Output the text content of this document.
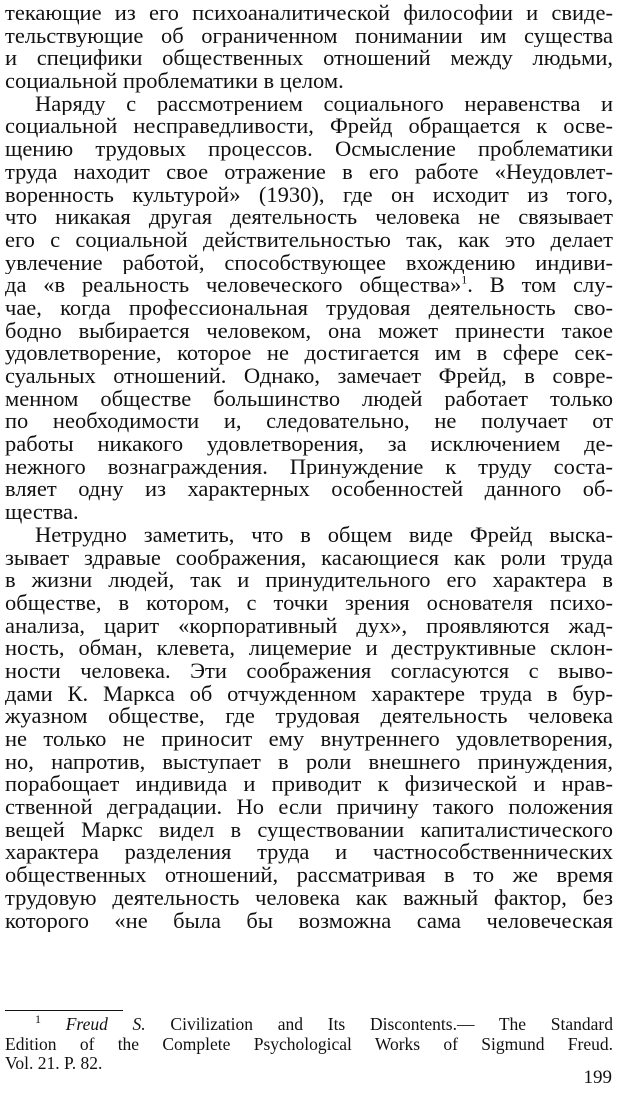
текающие из его психоаналитической философии и свиде-
тельствующие об ограниченном понимании им существа
и специфики общественных отношений между людьми,
социальной проблематики в целом.
Наряду с рассмотрением социального неравенства и
социальной несправедливости, Фрейд обращается к осве-
щению трудовых процессов. Осмысление проблематики
труда находит свое отражение в его работе «Неудовлет-
воренность культурой» (1930), где он исходит из того,
что никакая другая деятельность человека не связывает
его с социальной действительностью так, как это делает
увлечение работой, способствующее вхождению индиви-
да «в реальность человеческого общества»$^1$. В том слу-
чае, когда профессиональная трудовая деятельность сво-
бодно выбирается человеком, она может принести такое
удовлетворение, которое не достигается им в сфере сек-
суальных отношений. Однако, замечает Фрейд, в совре-
менном обществе большинство людей работает только
по необходимости и, следовательно, не получает от
работы никакого удовлетворения, за исключением де-
нежного вознаграждения. Принуждение к труду соста-
вляет одну из характерных особенностей данного об-
щества.
Нетрудно заметить, что в общем виде Фрейд выска-
зывает здравые соображения, касающиеся как роли труда
в жизни людей, так и принудительного его характера в
обществе, в котором, с точки зрения основателя психо-
анализа, царит «корпоративный дух», проявляются жад-
ность, обман, клевета, лицемерие и деструктивные склон-
ности человека. Эти соображения согласуются с выво-
дами К. Маркса об отчужденном характере труда в бур-
жуазном обществе, где трудовая деятельность человека
не только не приносит ему внутреннего удовлетворения,
но, напротив, выступает в роли внешнего принуждения,
порабощает индивида и приводит к физической и нрав-
ственной деградации. Но если причину такого положения
вещей Маркс видел в существовании капиталистического
характера разделения труда и частнособственнических
общественных отношений, рассматривая в то же время
трудовую деятельность человека как важный фактор, без
которого «не была бы возможна сама человеческая
$^1$ Freud S. Civilization and Its Discontents.— The Standard
Edition of the Complete Psychological Works of Sigmund Freud.
Vol. 21. P. 82.
199
